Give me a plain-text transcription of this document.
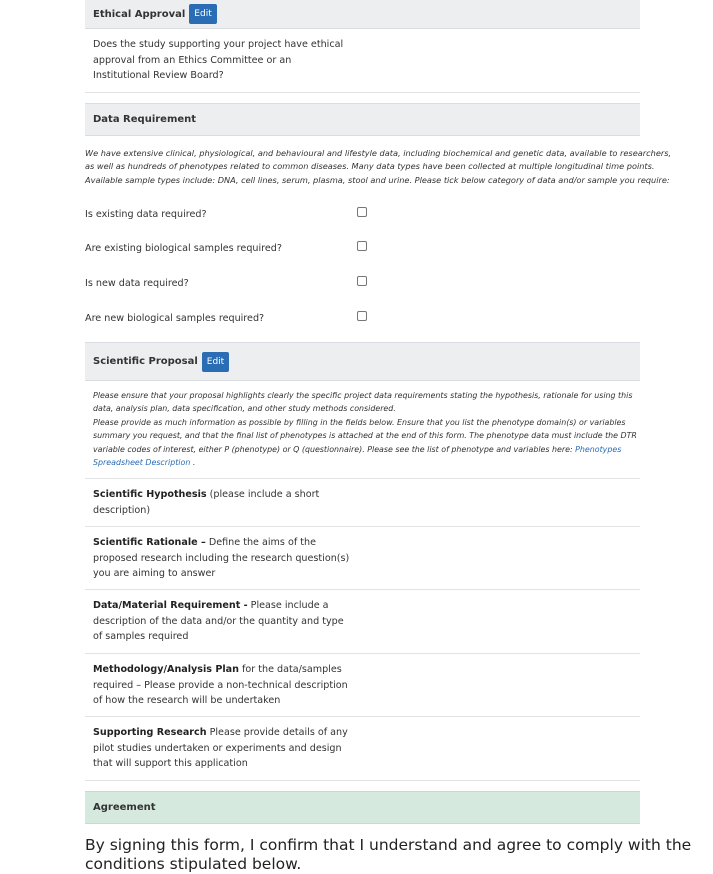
Ethical Approval	Edit
Does the study supporting your project have ethical
approval from an Ethics Committee or an
Institutional Review Board?
Data Requirement
We have extensive clinical, physiological, and behavioural and lifestyle data, including biochemical and genetic data, available to researchers,
as well as hundreds of phenotypes related to common diseases. Many data types have been collected at multiple longitudinal time points.
Available sample types include: DNA, cell lines, serum, plasma, stool and urine. Please tick below category of data and/or sample you require:
Is existing data required?
Are existing biological samples required?
Is new data required?
Are new biological samples required?
Scientific Proposal	Edit
Please ensure that your proposal highlights clearly the specific project data requirements stating the hypothesis, rationale for using this
data, analysis plan, data specification, and other study methods considered.
Please provide as much information as possible by filling in the fields below. Ensure that you list the phenotype domain(s) or variables
summary you request, and that the final list of phenotypes is attached at the end of this form. The phenotype data must include the DTR
variable codes of interest, either P (phenotype) or Q (questionnaire). Please see the list of phenotype and variables here: Phenotypes
Spreadsheet Description .
Scientific Hypothesis (please include a short
description)
Scientific Rationale – Define the aims of the
proposed research including the research question(s)
you are aiming to answer
Data/Material Requirement - Please include a
description of the data and/or the quantity and type
of samples required
Methodology/Analysis Plan for the data/samples
required – Please provide a non-technical description
of how the research will be undertaken
Supporting Research Please provide details of any
pilot studies undertaken or experiments and design
that will support this application
Agreement
By signing this form, I confirm that I understand and agree to comply with the
conditions stipulated below.
